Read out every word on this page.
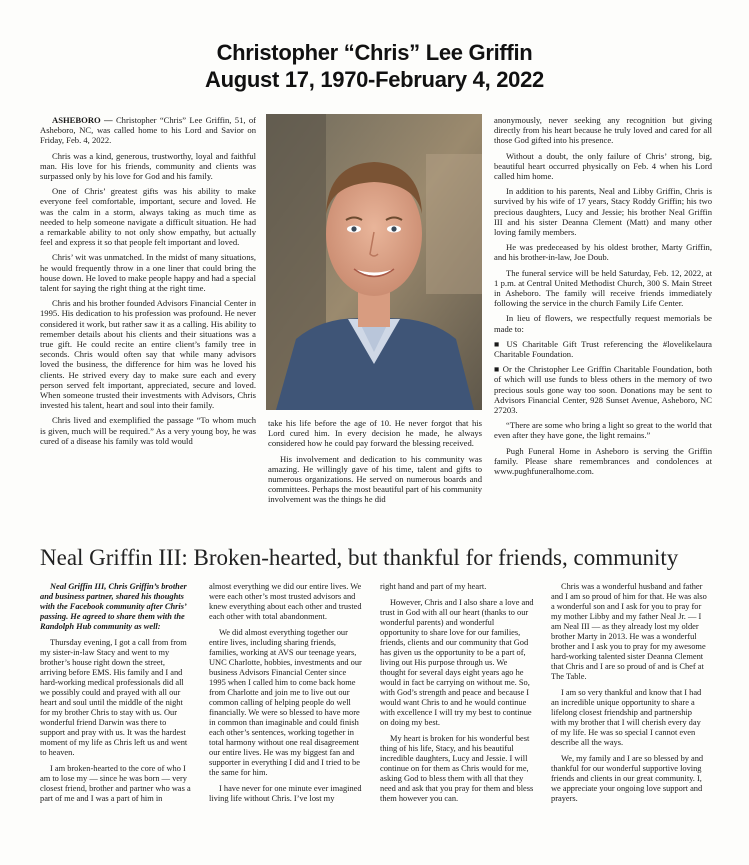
Christopher “Chris” Lee Griffin
August 17, 1970-February 4, 2022

ASHEBORO — Christopher “Chris” Lee Griffin, 51, of Asheboro, NC, was called home to his Lord and Savior on Friday, Feb. 4, 2022.

Chris was a kind, generous, trustworthy, loyal and faithful man. His love for his friends, community and clients was surpassed only by his love for God and his family.

One of Chris’ greatest gifts was his ability to make everyone feel comfortable, important, secure and loved. He was the calm in a storm, always taking as much time as needed to help someone navigate a difficult situation. He had a remarkable ability to not only show empathy, but actually feel and express it so that people felt important and loved.

Chris’ wit was unmatched. In the midst of many situations, he would frequently throw in a one liner that could bring the house down. He loved to make people happy and had a special talent for saying the right thing at the right time.

Chris and his brother founded Advisors Financial Center in 1995. His dedication to his profession was profound. He never considered it work, but rather saw it as a calling. His ability to remember details about his clients and their situations was a true gift. He could recite an entire client’s family tree in seconds. Chris would often say that while many advisors loved the business, the difference for him was he loved his clients. He strived every day to make sure each and every person served felt important, appreciated, secure and loved. When someone trusted their investments with Advisors, Chris invested his talent, heart and soul into their family.

Chris lived and exemplified the passage “To whom much is given, much will be required.” As a very young boy, he was cured of a disease his family was told would

take his life before the age of 10. He never forgot that his Lord cured him. In every decision he made, he always considered how he could pay forward the blessing received.

His involvement and dedication to his community was amazing. He willingly gave of his time, talent and gifts to numerous organizations. He served on numerous boards and committees. Perhaps the most beautiful part of his community involvement was the things he did

anonymously, never seeking any recognition but giving directly from his heart because he truly loved and cared for all those God gifted into his presence.

Without a doubt, the only failure of Chris’ strong, big, beautiful heart occurred physically on Feb. 4 when his Lord called him home.

In addition to his parents, Neal and Libby Griffin, Chris is survived by his wife of 17 years, Stacy Roddy Griffin; his two precious daughters, Lucy and Jessie; his brother Neal Griffin III and his sister Deanna Clement (Matt) and many other loving family members.

He was predeceased by his oldest brother, Marty Griffin, and his brother-in-law, Joe Doub.

The funeral service will be held Saturday, Feb. 12, 2022, at 1 p.m. at Central United Methodist Church, 300 S. Main Street in Asheboro. The family will receive friends immediately following the service in the church Family Life Center.

In lieu of flowers, we respectfully request memorials be made to:

■ US Charitable Gift Trust referencing the #lovelikelaura Charitable Foundation.

■ Or the Christopher Lee Griffin Charitable Foundation, both of which will use funds to bless others in the memory of two precious souls gone way too soon. Donations may be sent to Advisors Financial Center, 928 Sunset Avenue, Asheboro, NC 27203.

“There are some who bring a light so great to the world that even after they have gone, the light remains.”

Pugh Funeral Home in Asheboro is serving the Griffin family. Please share remembrances and condolences at www.pughfuneralhome.com.

Neal Griffin III: Broken-hearted, but thankful for friends, community

Neal Griffin III, Chris Griffin’s brother and business partner, shared his thoughts with the Facebook community after Chris’ passing. He agreed to share them with the Randolph Hub community as well:

Thursday evening, I got a call from from my sister-in-law Stacy and went to my brother’s house right down the street, arriving before EMS. His family and I and hard-working medical professionals did all we possibly could and prayed with all our heart and soul until the middle of the night for my brother Chris to stay with us. Our wonderful friend Darwin was there to support and pray with us. It was the hardest moment of my life as Chris left us and went to heaven.

I am broken-hearted to the core of who I am to lose my — since he was born — very closest friend, brother and partner who was a part of me and I was a part of him in

almost everything we did our entire lives. We were each other’s most trusted advisors and knew everything about each other and trusted each other with total abandonment.

We did almost everything together our entire lives, including sharing friends, families, working at AVS our teenage years, UNC Charlotte, hobbies, investments and our business Advisors Financial Center since 1995 when I called him to come back home from Charlotte and join me to live out our common calling of helping people do well financially. We were so blessed to have more in common than imaginable and could finish each other’s sentences, working together in total harmony without one real disagreement our entire lives. He was my biggest fan and supporter in everything I did and I tried to be the same for him.

I have never for one minute ever imagined living life without Chris. I’ve lost my

right hand and part of my heart.

However, Chris and I also share a love and trust in God with all our heart (thanks to our wonderful parents) and wonderful opportunity to share love for our families, friends, clients and our community that God has given us the opportunity to be a part of, living out His purpose through us. We thought for several days eight years ago he would in fact be carrying on without me. So, with God’s strength and peace and because I would want Chris to and he would continue with excellence I will try my best to continue on doing my best.

My heart is broken for his wonderful best thing of his life, Stacy, and his beautiful incredible daughters, Lucy and Jessie. I will continue on for them as Chris would for me, asking God to bless them with all that they need and ask that you pray for them and bless them however you can.

Chris was a wonderful husband and father and I am so proud of him for that. He was also a wonderful son and I ask for you to pray for my mother Libby and my father Neal Jr. — I am Neal III — as they already lost my older brother Marty in 2013. He was a wonderful brother and I ask you to pray for my awesome hard-working talented sister Deanna Clement that Chris and I are so proud of and is Chef at The Table.

I am so very thankful and know that I had an incredible unique opportunity to share a lifelong closest friendship and partnership with my brother that I will cherish every day of my life. He was so special I cannot even describe all the ways.

We, my family and I are so blessed by and thankful for our wonderful supportive loving friends and clients in our great community. I, we appreciate your ongoing love support and prayers.
